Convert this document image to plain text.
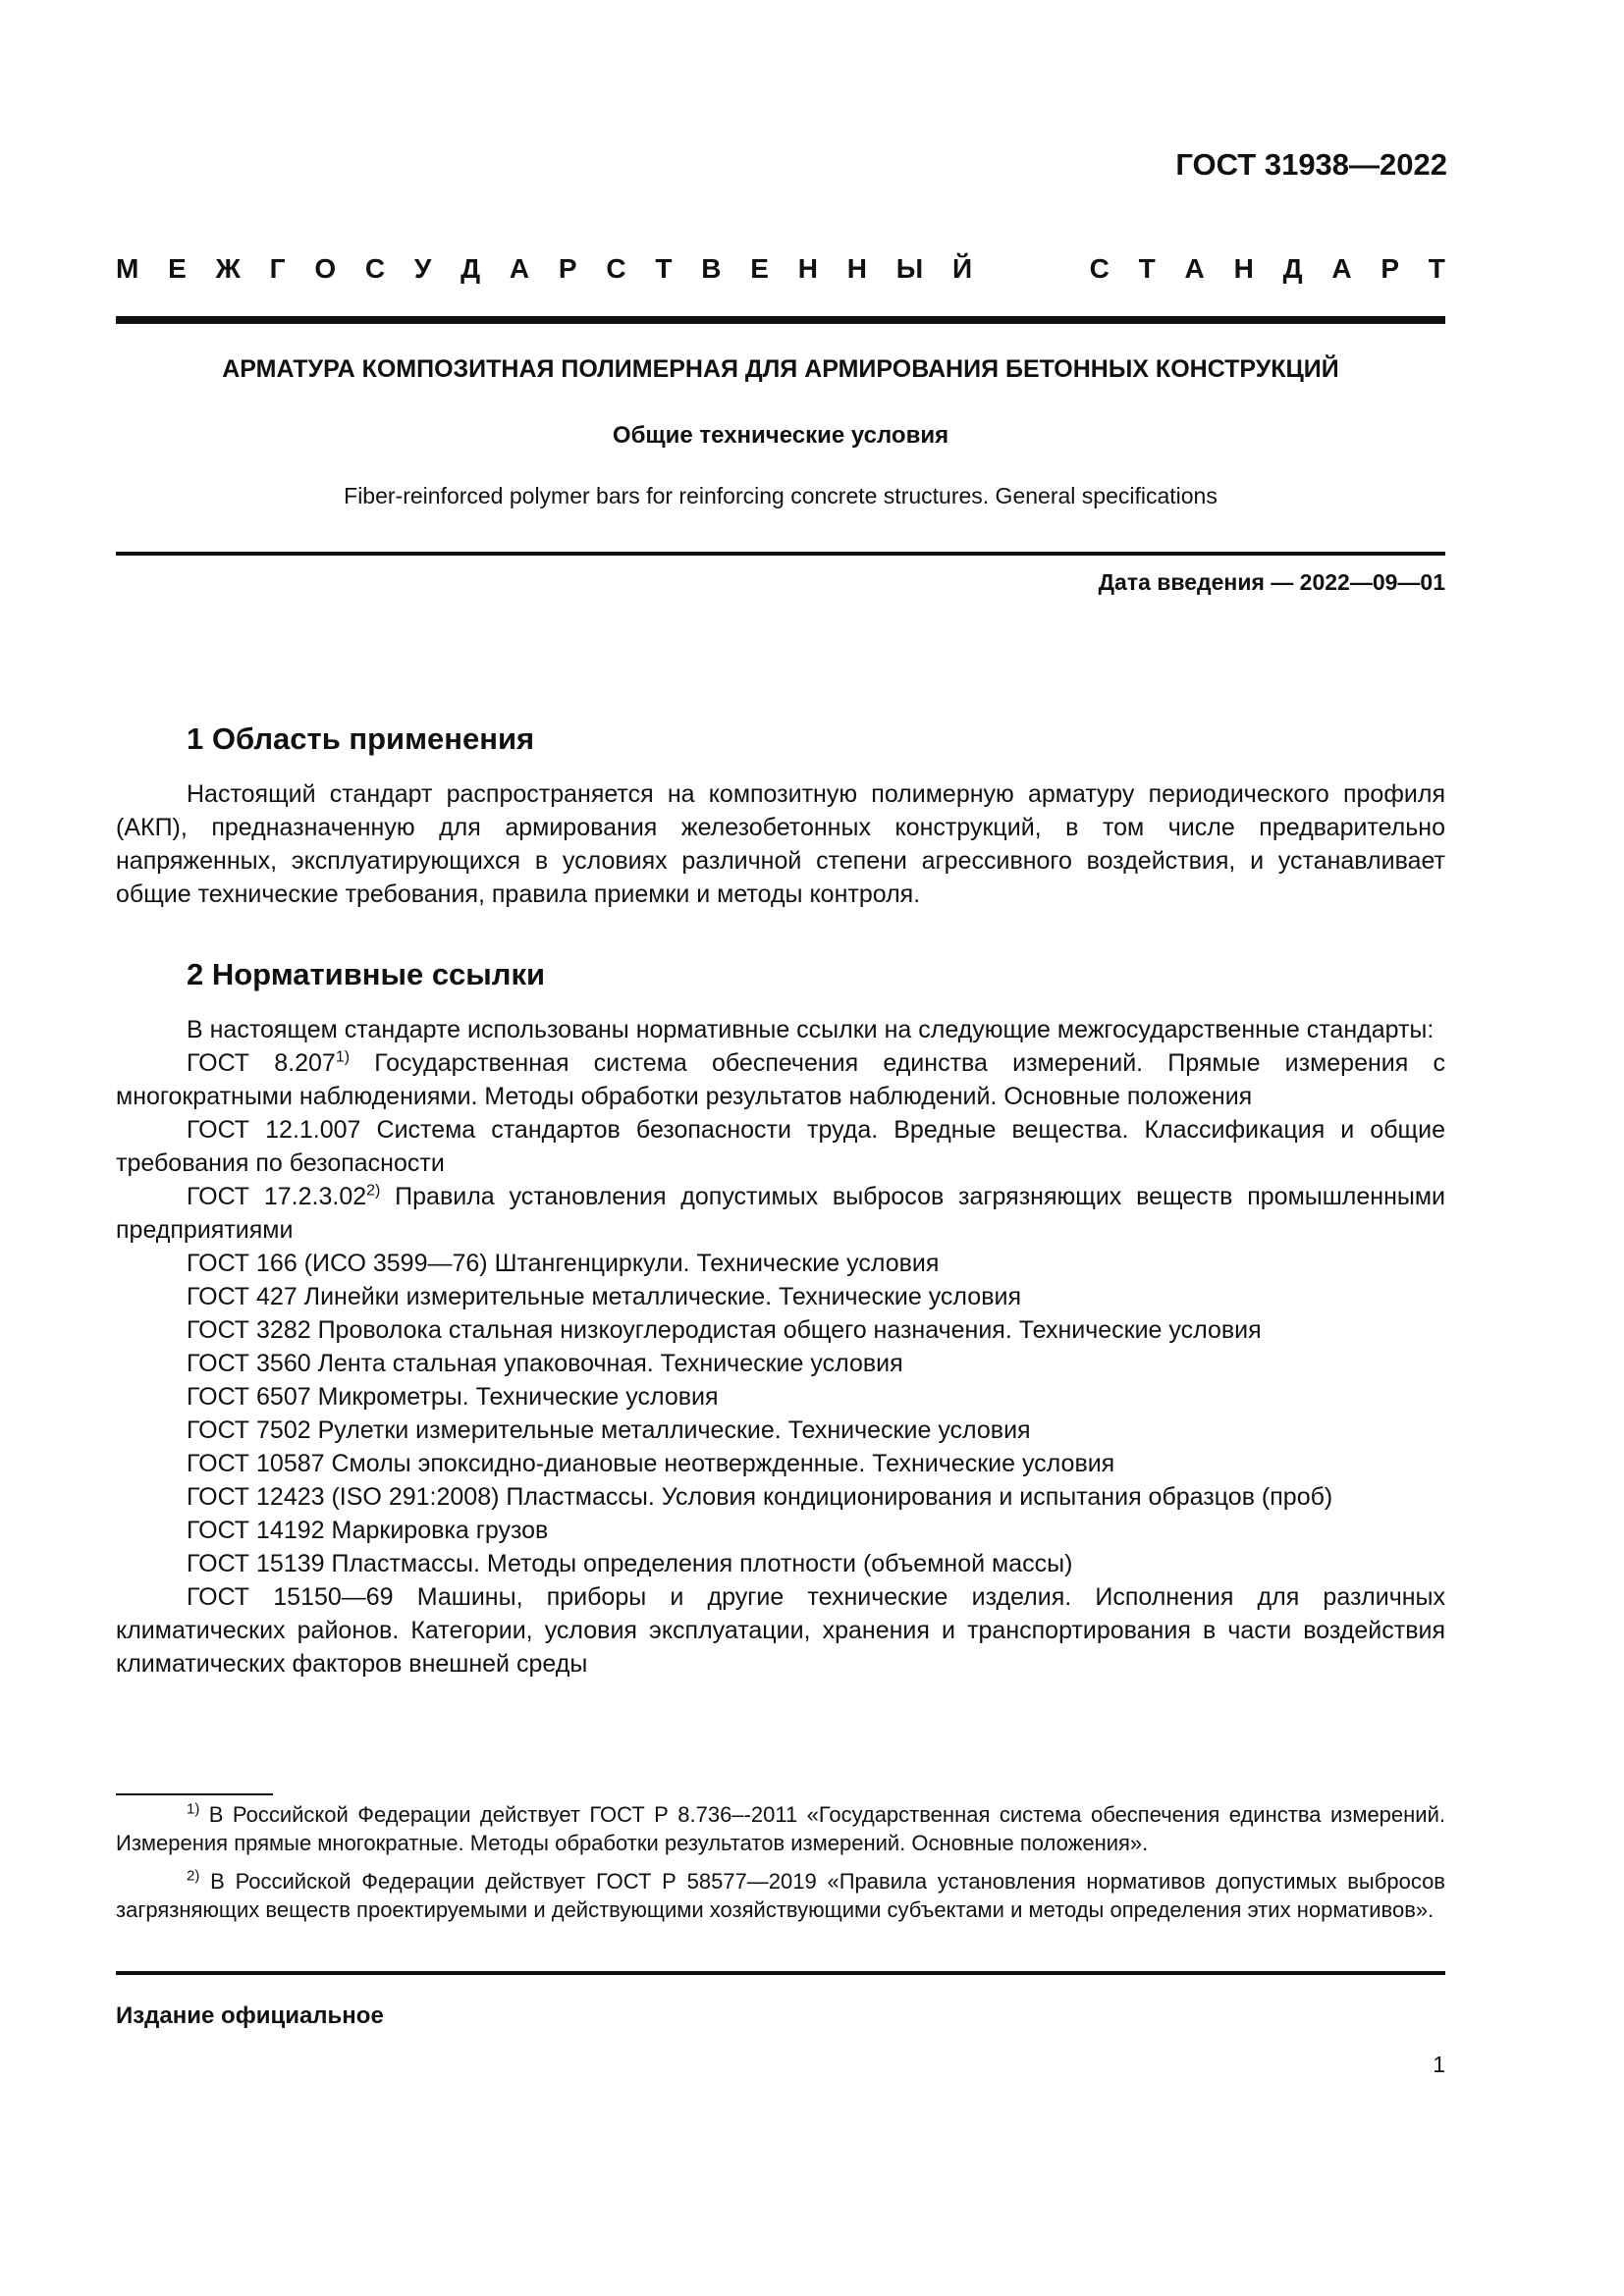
ГОСТ 31938—2022
М Е Ж Г О С У Д А Р С Т В Е Н Н Ы Й	С Т А Н Д А Р Т
АРМАТУРА КОМПОЗИТНАЯ ПОЛИМЕРНАЯ ДЛЯ АРМИРОВАНИЯ БЕТОННЫХ КОНСТРУКЦИЙ
Общие технические условия
Fiber-reinforced polymer bars for reinforcing concrete structures. General specifications
Дата введения — 2022—09—01
1 Область применения

Настоящий стандарт распространяется на композитную полимерную арматуру периодического профиля (АКП), предназначенную для армирования железобетонных конструкций, в том числе предварительно напряженных, эксплуатирующихся в условиях различной степени агрессивного воздействия, и устанавливает общие технические требования, правила приемки и методы контроля.

2 Нормативные ссылки

В настоящем стандарте использованы нормативные ссылки на следующие межгосударственные стандарты:

ГОСТ 8.207$^{1)}$ Государственная система обеспечения единства измерений. Прямые измерения с многократными наблюдениями. Методы обработки результатов наблюдений. Основные положения

ГОСТ 12.1.007 Система стандартов безопасности труда. Вредные вещества. Классификация и общие требования по безопасности

ГОСТ 17.2.3.02$^{2)}$ Правила установления допустимых выбросов загрязняющих веществ промышленными предприятиями

ГОСТ 166 (ИСО 3599—76) Штангенциркули. Технические условия

ГОСТ 427 Линейки измерительные металлические. Технические условия

ГОСТ 3282 Проволока стальная низкоуглеродистая общего назначения. Технические условия

ГОСТ 3560 Лента стальная упаковочная. Технические условия

ГОСТ 6507 Микрометры. Технические условия

ГОСТ 7502 Рулетки измерительные металлические. Технические условия

ГОСТ 10587 Смолы эпоксидно-диановые неотвержденные. Технические условия

ГОСТ 12423 (ISO 291:2008) Пластмассы. Условия кондиционирования и испытания образцов (проб)

ГОСТ 14192 Маркировка грузов

ГОСТ 15139 Пластмассы. Методы определения плотности (объемной массы)

ГОСТ 15150—69 Машины, приборы и другие технические изделия. Исполнения для различных климатических районов. Категории, условия эксплуатации, хранения и транспортирования в части воздействия климатических факторов внешней среды

$^{1)}$ В Российской Федерации действует ГОСТ Р 8.736–-2011 «Государственная система обеспечения единства измерений. Измерения прямые многократные. Методы обработки результатов измерений. Основные положения».

$^{2)}$ В Российской Федерации действует ГОСТ Р 58577—2019 «Правила установления нормативов допустимых выбросов загрязняющих веществ проектируемыми и действующими хозяйствующими субъектами и методы определения этих нормативов».

Издание официальное
1
